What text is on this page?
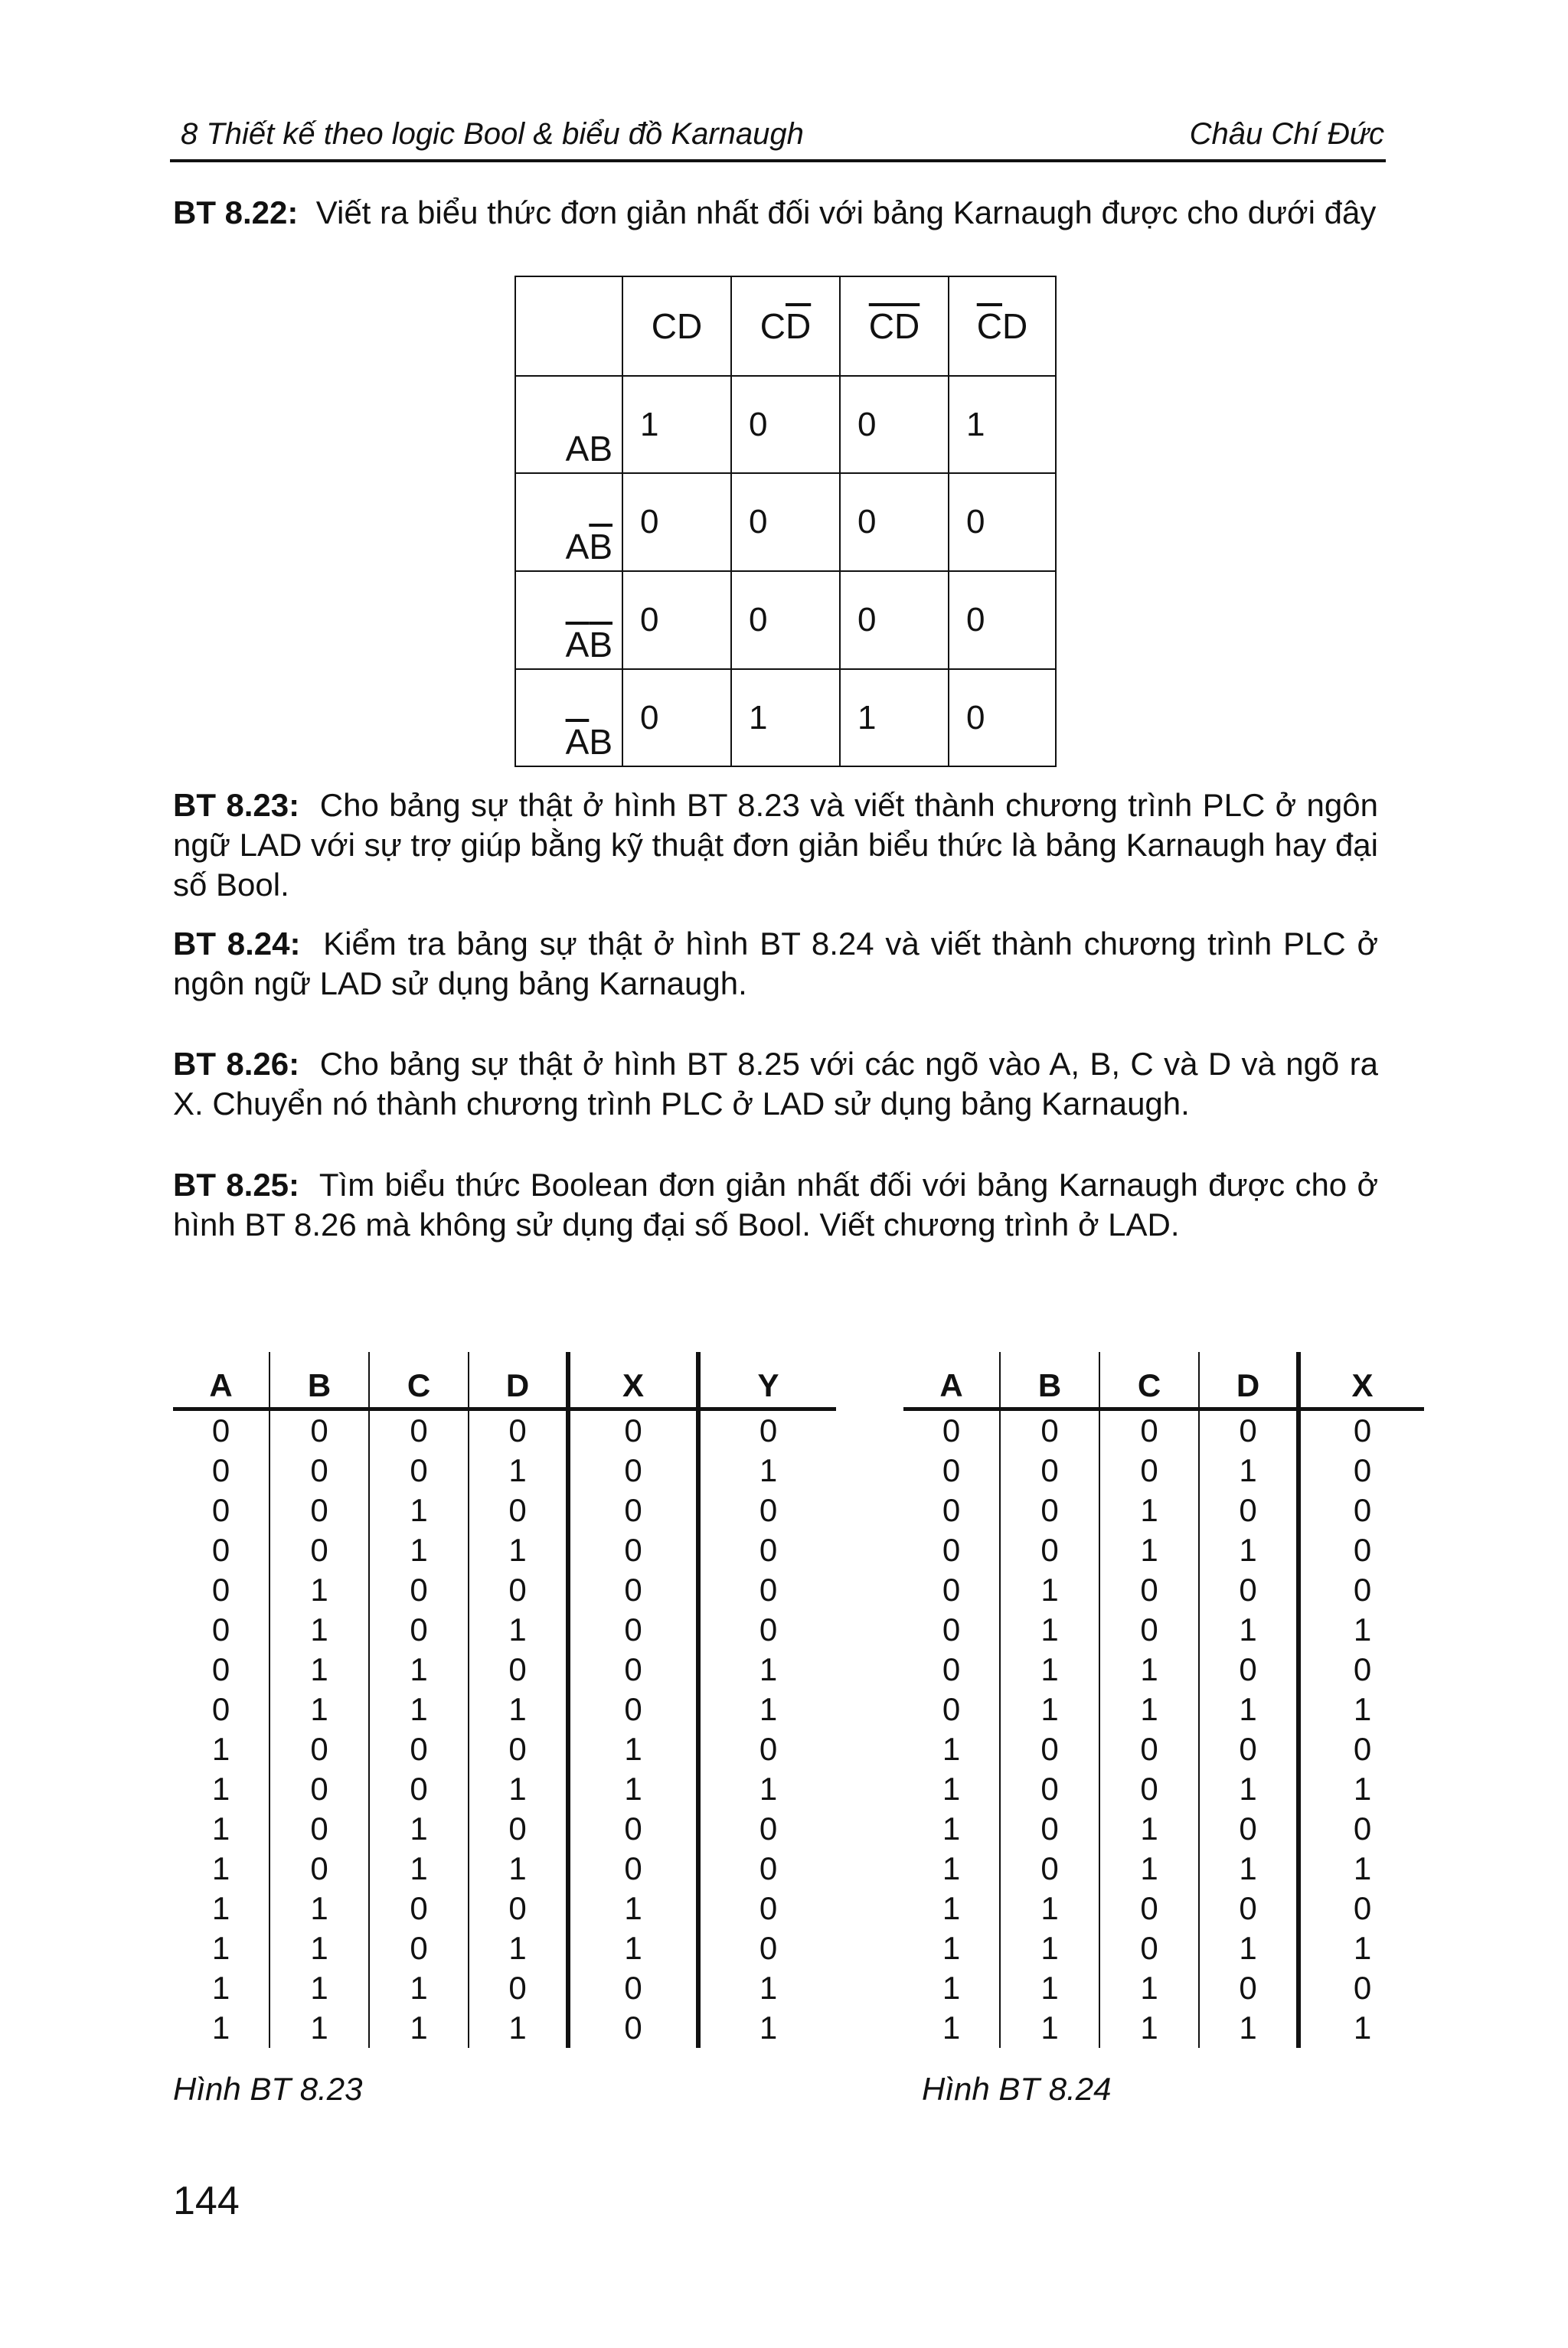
8 Thiết kế theo logic Bool & biểu đồ Karnaugh	Châu Chí Đức
BT 8.22: Viết ra biểu thức đơn giản nhất đối với bảng Karnaugh được cho dưới đây
	CD	$C\overline{D}$	$\overline{C}\overline{D}$	$\overline{C}D$
AB	1	0	0	1
$A\overline{B}$	0	0	0	0
$\overline{A}\overline{B}$	0	0	0	0
$\overline{A}B$	0	1	1	0
BT 8.23: Cho bảng sự thật ở hình BT 8.23 và viết thành chương trình PLC ở ngôn ngữ LAD với sự trợ giúp bằng kỹ thuật đơn giản biểu thức là bảng Karnaugh hay đại số Bool.
BT 8.24: Kiểm tra bảng sự thật ở hình BT 8.24 và viết thành chương trình PLC ở ngôn ngữ LAD sử dụng bảng Karnaugh.
BT 8.26: Cho bảng sự thật ở hình BT 8.25 với các ngõ vào A, B, C và D và ngõ ra X. Chuyển nó thành chương trình PLC ở LAD sử dụng bảng Karnaugh.
BT 8.25: Tìm biểu thức Boolean đơn giản nhất đối với bảng Karnaugh được cho ở hình BT 8.26 mà không sử dụng đại số Bool. Viết chương trình ở LAD.
A	B	C	D	X	Y
0	0	0	0	0	0
0	0	0	1	0	1
0	0	1	0	0	0
0	0	1	1	0	0
0	1	0	0	0	0
0	1	0	1	0	0
0	1	1	0	0	1
0	1	1	1	0	1
1	0	0	0	1	0
1	0	0	1	1	1
1	0	1	0	0	0
1	0	1	1	0	0
1	1	0	0	1	0
1	1	0	1	1	0
1	1	1	0	0	1
1	1	1	1	0	1
Hình BT 8.23
A	B	C	D	X
0	0	0	0	0
0	0	0	1	0
0	0	1	0	0
0	0	1	1	0
0	1	0	0	0
0	1	0	1	1
0	1	1	0	0
0	1	1	1	1
1	0	0	0	0
1	0	0	1	1
1	0	1	0	0
1	0	1	1	1
1	1	0	0	0
1	1	0	1	1
1	1	1	0	0
1	1	1	1	1
Hình BT 8.24
144
